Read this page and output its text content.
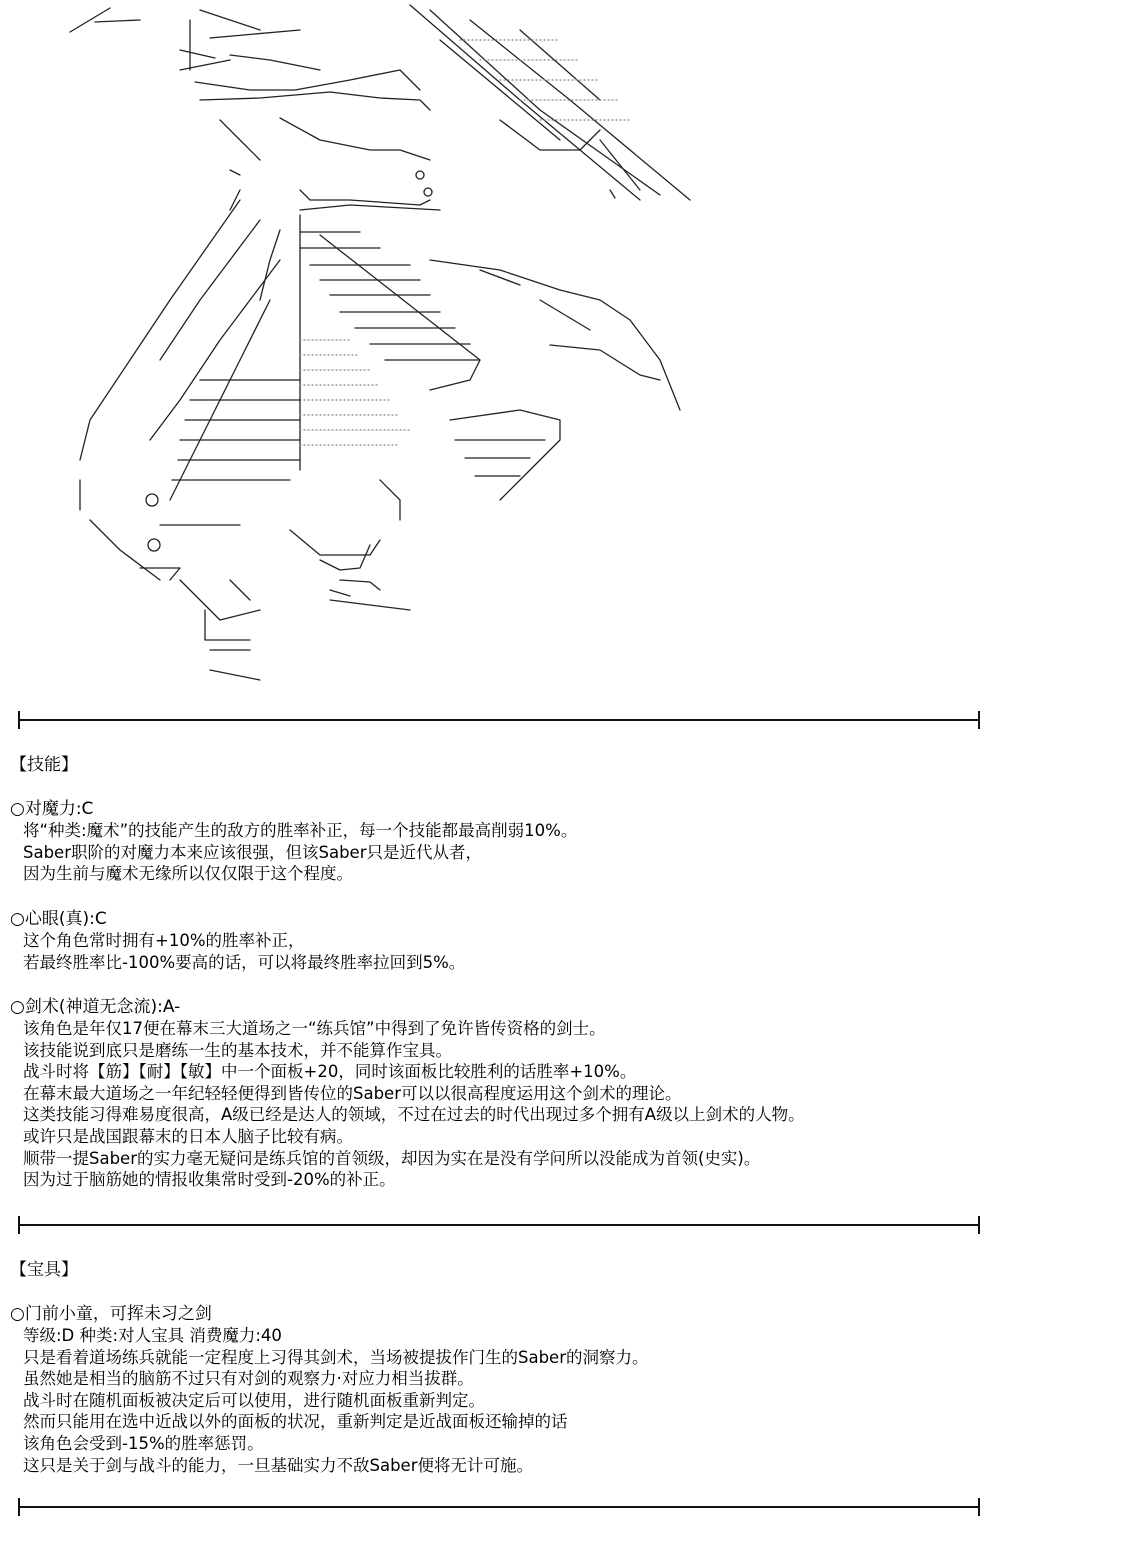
【技能】
○对魔力:C
将“种类:魔术”的技能产生的敌方的胜率补正，每一个技能都最高削弱10%。
Saber职阶的对魔力本来应该很强，但该Saber只是近代从者，
因为生前与魔术无缘所以仅仅限于这个程度。
○心眼(真):C
这个角色常时拥有+10%的胜率补正，
若最终胜率比-100%要高的话，可以将最终胜率拉回到5%。
○剑术(神道无念流):A-
该角色是年仅17便在幕末三大道场之一“练兵馆”中得到了免许皆传资格的剑士。
该技能说到底只是磨练一生的基本技术，并不能算作宝具。
战斗时将【筋】【耐】【敏】中一个面板+20，同时该面板比较胜利的话胜率+10%。
在幕末最大道场之一年纪轻轻便得到皆传位的Saber可以以很高程度运用这个剑术的理论。
这类技能习得难易度很高，A级已经是达人的领域，不过在过去的时代出现过多个拥有A级以上剑术的人物。
或许只是战国跟幕末的日本人脑子比较有病。
顺带一提Saber的实力毫无疑问是练兵馆的首领级，却因为实在是没有学问所以没能成为首领(史实)。
因为过于脑筋她的情报收集常时受到-20%的补正。
【宝具】
○门前小童，可挥未习之剑
等级:D 种类:对人宝具 消费魔力:40
只是看着道场练兵就能一定程度上习得其剑术，当场被提拔作门生的Saber的洞察力。
虽然她是相当的脑筋不过只有对剑的观察力·对应力相当拔群。
战斗时在随机面板被决定后可以使用，进行随机面板重新判定。
然而只能用在选中近战以外的面板的状况，重新判定是近战面板还输掉的话
该角色会受到-15%的胜率惩罚。
这只是关于剑与战斗的能力，一旦基础实力不敌Saber便将无计可施。
